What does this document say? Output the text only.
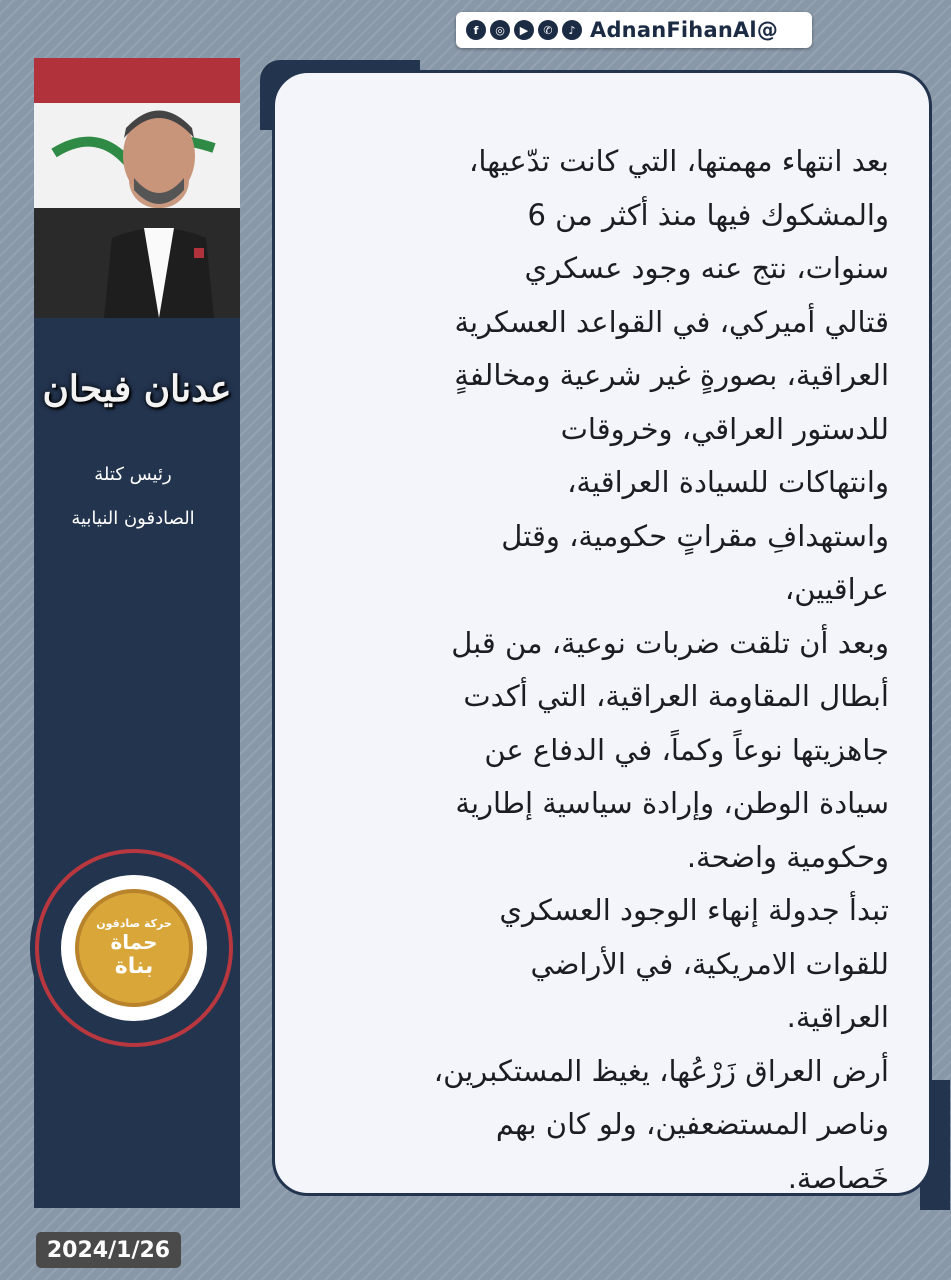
f	◎	▶	✆	♪ AdnanFihanAl@
عدنان فيحان
رئيس كتلة
الصادقون النيابية
حركة صادقون
حماة
بناة
بعد انتهاء مهمتها، التي كانت تدّعيها،
والمشكوك فيها منذ أكثر من 6
سنوات، نتج عنه وجود عسكري
قتالي أميركي، في القواعد العسكرية
العراقية، بصورةٍ غير شرعية ومخالفةٍ
للدستور العراقي، وخروقات
وانتهاكات للسيادة العراقية،
واستهدافِ مقراتٍ حكومية، وقتل
عراقيين،
وبعد أن تلقت ضربات نوعية، من قبل
أبطال المقاومة العراقية، التي أكدت
جاهزيتها نوعاً وكماً، في الدفاع عن
سيادة الوطن، وإرادة سياسية إطارية
وحكومية واضحة.
تبدأ جدولة إنهاء الوجود العسكري
للقوات الامريكية، في الأراضي
العراقية.
أرض العراق زَرْعُها، يغيظ المستكبرين،
وناصر المستضعفين، ولو كان بهم
خَصاصة.
2024/1/26
